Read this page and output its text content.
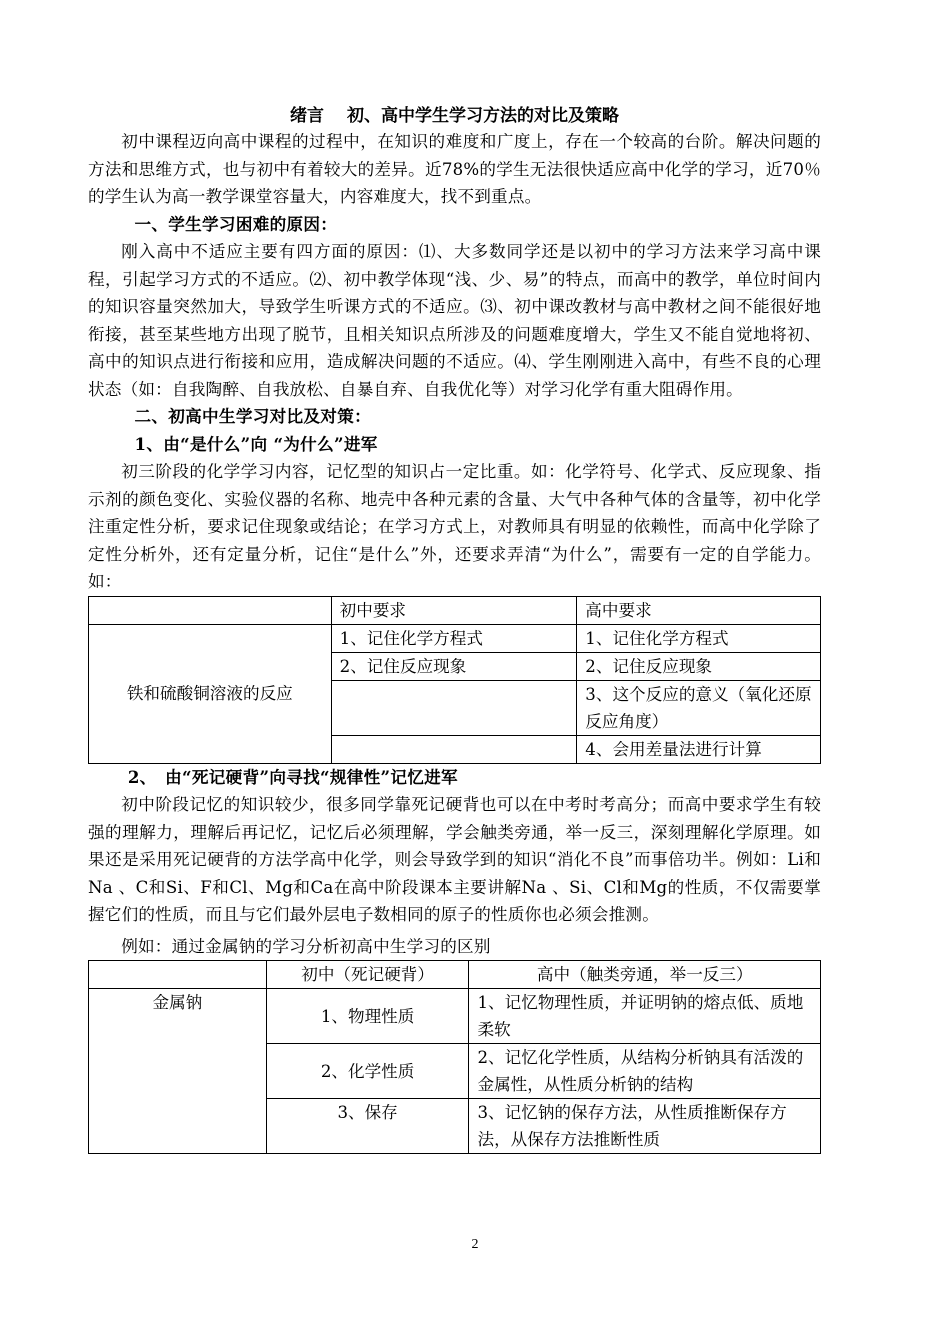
绪言　 初、高中学生学习方法的对比及策略

初中课程迈向高中课程的过程中，在知识的难度和广度上，存在一个较高的台阶。解决问题的方法和思维方式，也与初中有着较大的差异。近78%的学生无法很快适应高中化学的学习，近70％的学生认为高一教学课堂容量大，内容难度大，找不到重点。

一、学生学习困难的原因：

刚入高中不适应主要有四方面的原因：⑴、大多数同学还是以初中的学习方法来学习高中课程，引起学习方式的不适应。⑵、初中教学体现“浅、少、易”的特点，而高中的教学，单位时间内的知识容量突然加大，导致学生听课方式的不适应。⑶、初中课改教材与高中教材之间不能很好地衔接，甚至某些地方出现了脱节，且相关知识点所涉及的问题难度增大，学生又不能自觉地将初、高中的知识点进行衔接和应用，造成解决问题的不适应。⑷、学生刚刚进入高中，有些不良的心理状态（如：自我陶醉、自我放松、自暴自弃、自我优化等）对学习化学有重大阻碍作用。

二、初高中生学习对比及对策：

1、由“是什么”向 “为什么”进军

初三阶段的化学学习内容，记忆型的知识占一定比重。如：化学符号、化学式、反应现象、指示剂的颜色变化、实验仪器的名称、地壳中各种元素的含量、大气中各种气体的含量等，初中化学注重定性分析，要求记住现象或结论；在学习方式上，对教师具有明显的依赖性，而高中化学除了定性分析外，还有定量分析，记住“是什么”外，还要求弄清“为什么”，需要有一定的自学能力。如：

	初中要求	高中要求
铁和硫酸铜溶液的反应	1、记住化学方程式	1、记住化学方程式
	2、记住反应现象	2、记住反应现象
		3、这个反应的意义（氧化还原反应角度）
		4、会用差量法进行计算

2、　由“死记硬背”向寻找“规律性”记忆进军

初中阶段记忆的知识较少，很多同学靠死记硬背也可以在中考时考高分；而高中要求学生有较强的理解力，理解后再记忆，记忆后必须理解，学会触类旁通，举一反三，深刻理解化学原理。如果还是采用死记硬背的方法学高中化学，则会导致学到的知识“消化不良”而事倍功半。例如：Li和Na 、C和Si、F和Cl、Mg和Ca在高中阶段课本主要讲解Na 、Si、Cl和Mg的性质，不仅需要掌握它们的性质，而且与它们最外层电子数相同的原子的性质你也必须会推测。

例如：通过金属钠的学习分析初高中生学习的区别

	初中（死记硬背）	高中（触类旁通，举一反三）
金属钠	1、物理性质	1、记忆物理性质，并证明钠的熔点低、质地柔软
	2、化学性质	2、记忆化学性质，从结构分析钠具有活泼的金属性，从性质分析钠的结构
	3、保存	3、记忆钠的保存方法，从性质推断保存方法，从保存方法推断性质
2
